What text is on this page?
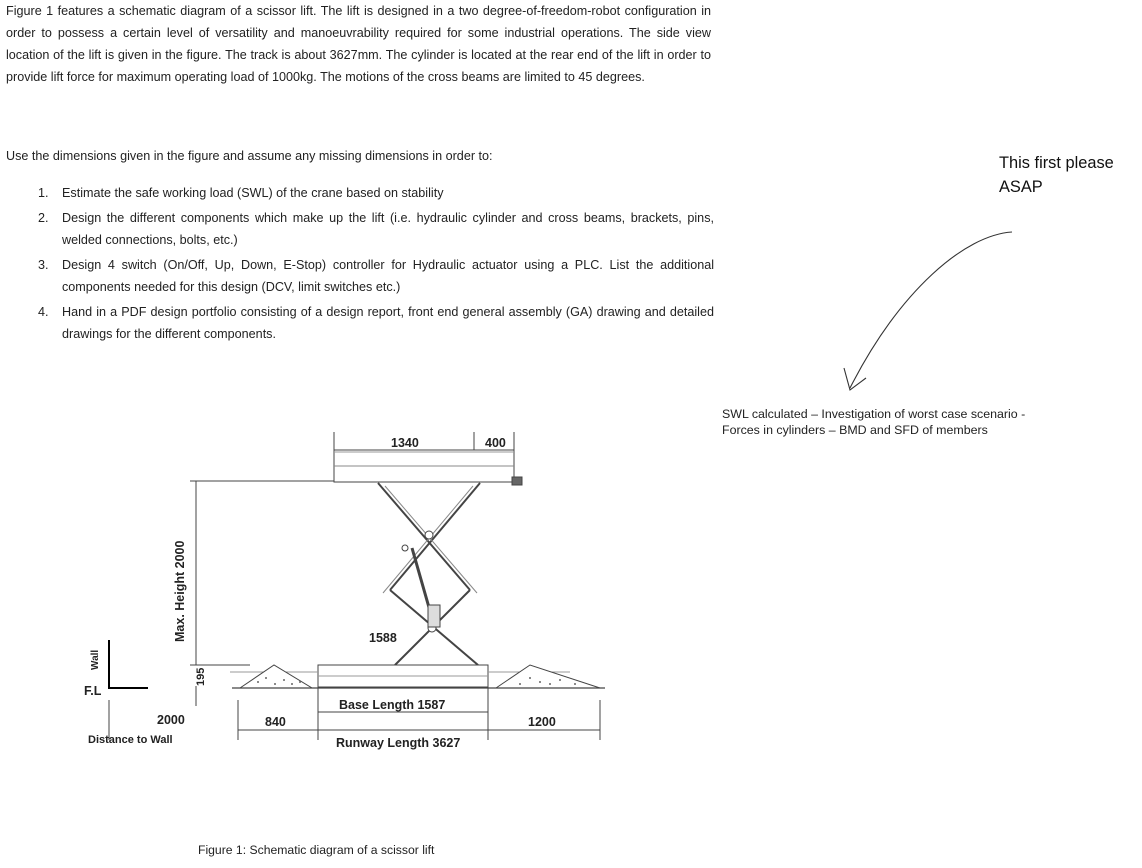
Figure 1 features a schematic diagram of a scissor lift. The lift is designed in a two degree-of-freedom-robot configuration in order to possess a certain level of versatility and manoeuvrability required for some industrial operations. The side view location of the lift is given in the figure. The track is about 3627mm. The cylinder is located at the rear end of the lift in order to provide lift force for maximum operating load of 1000kg. The motions of the cross beams are limited to 45 degrees.

Use the dimensions given in the figure and assume any missing dimensions in order to:

1. Estimate the safe working load (SWL) of the crane based on stability
2. Design the different components which make up the lift (i.e. hydraulic cylinder and cross beams, brackets, pins, welded connections, bolts, etc.)
3. Design 4 switch (On/Off, Up, Down, E-Stop) controller for Hydraulic actuator using a PLC. List the additional components needed for this design (DCV, limit switches etc.)
4. Hand in a PDF design portfolio consisting of a design report, front end general assembly (GA) drawing and detailed drawings for the different components.
This first please
ASAP
SWL calculated – Investigation of worst case scenario - Forces in cylinders – BMD and SFD of members
1340	400
Max. Height 2000
195
1588
Wall
F.L
Base Length 1587
2000	840	1200
Distance to Wall	Runway Length 3627
Figure 1: Schematic diagram of a scissor lift
